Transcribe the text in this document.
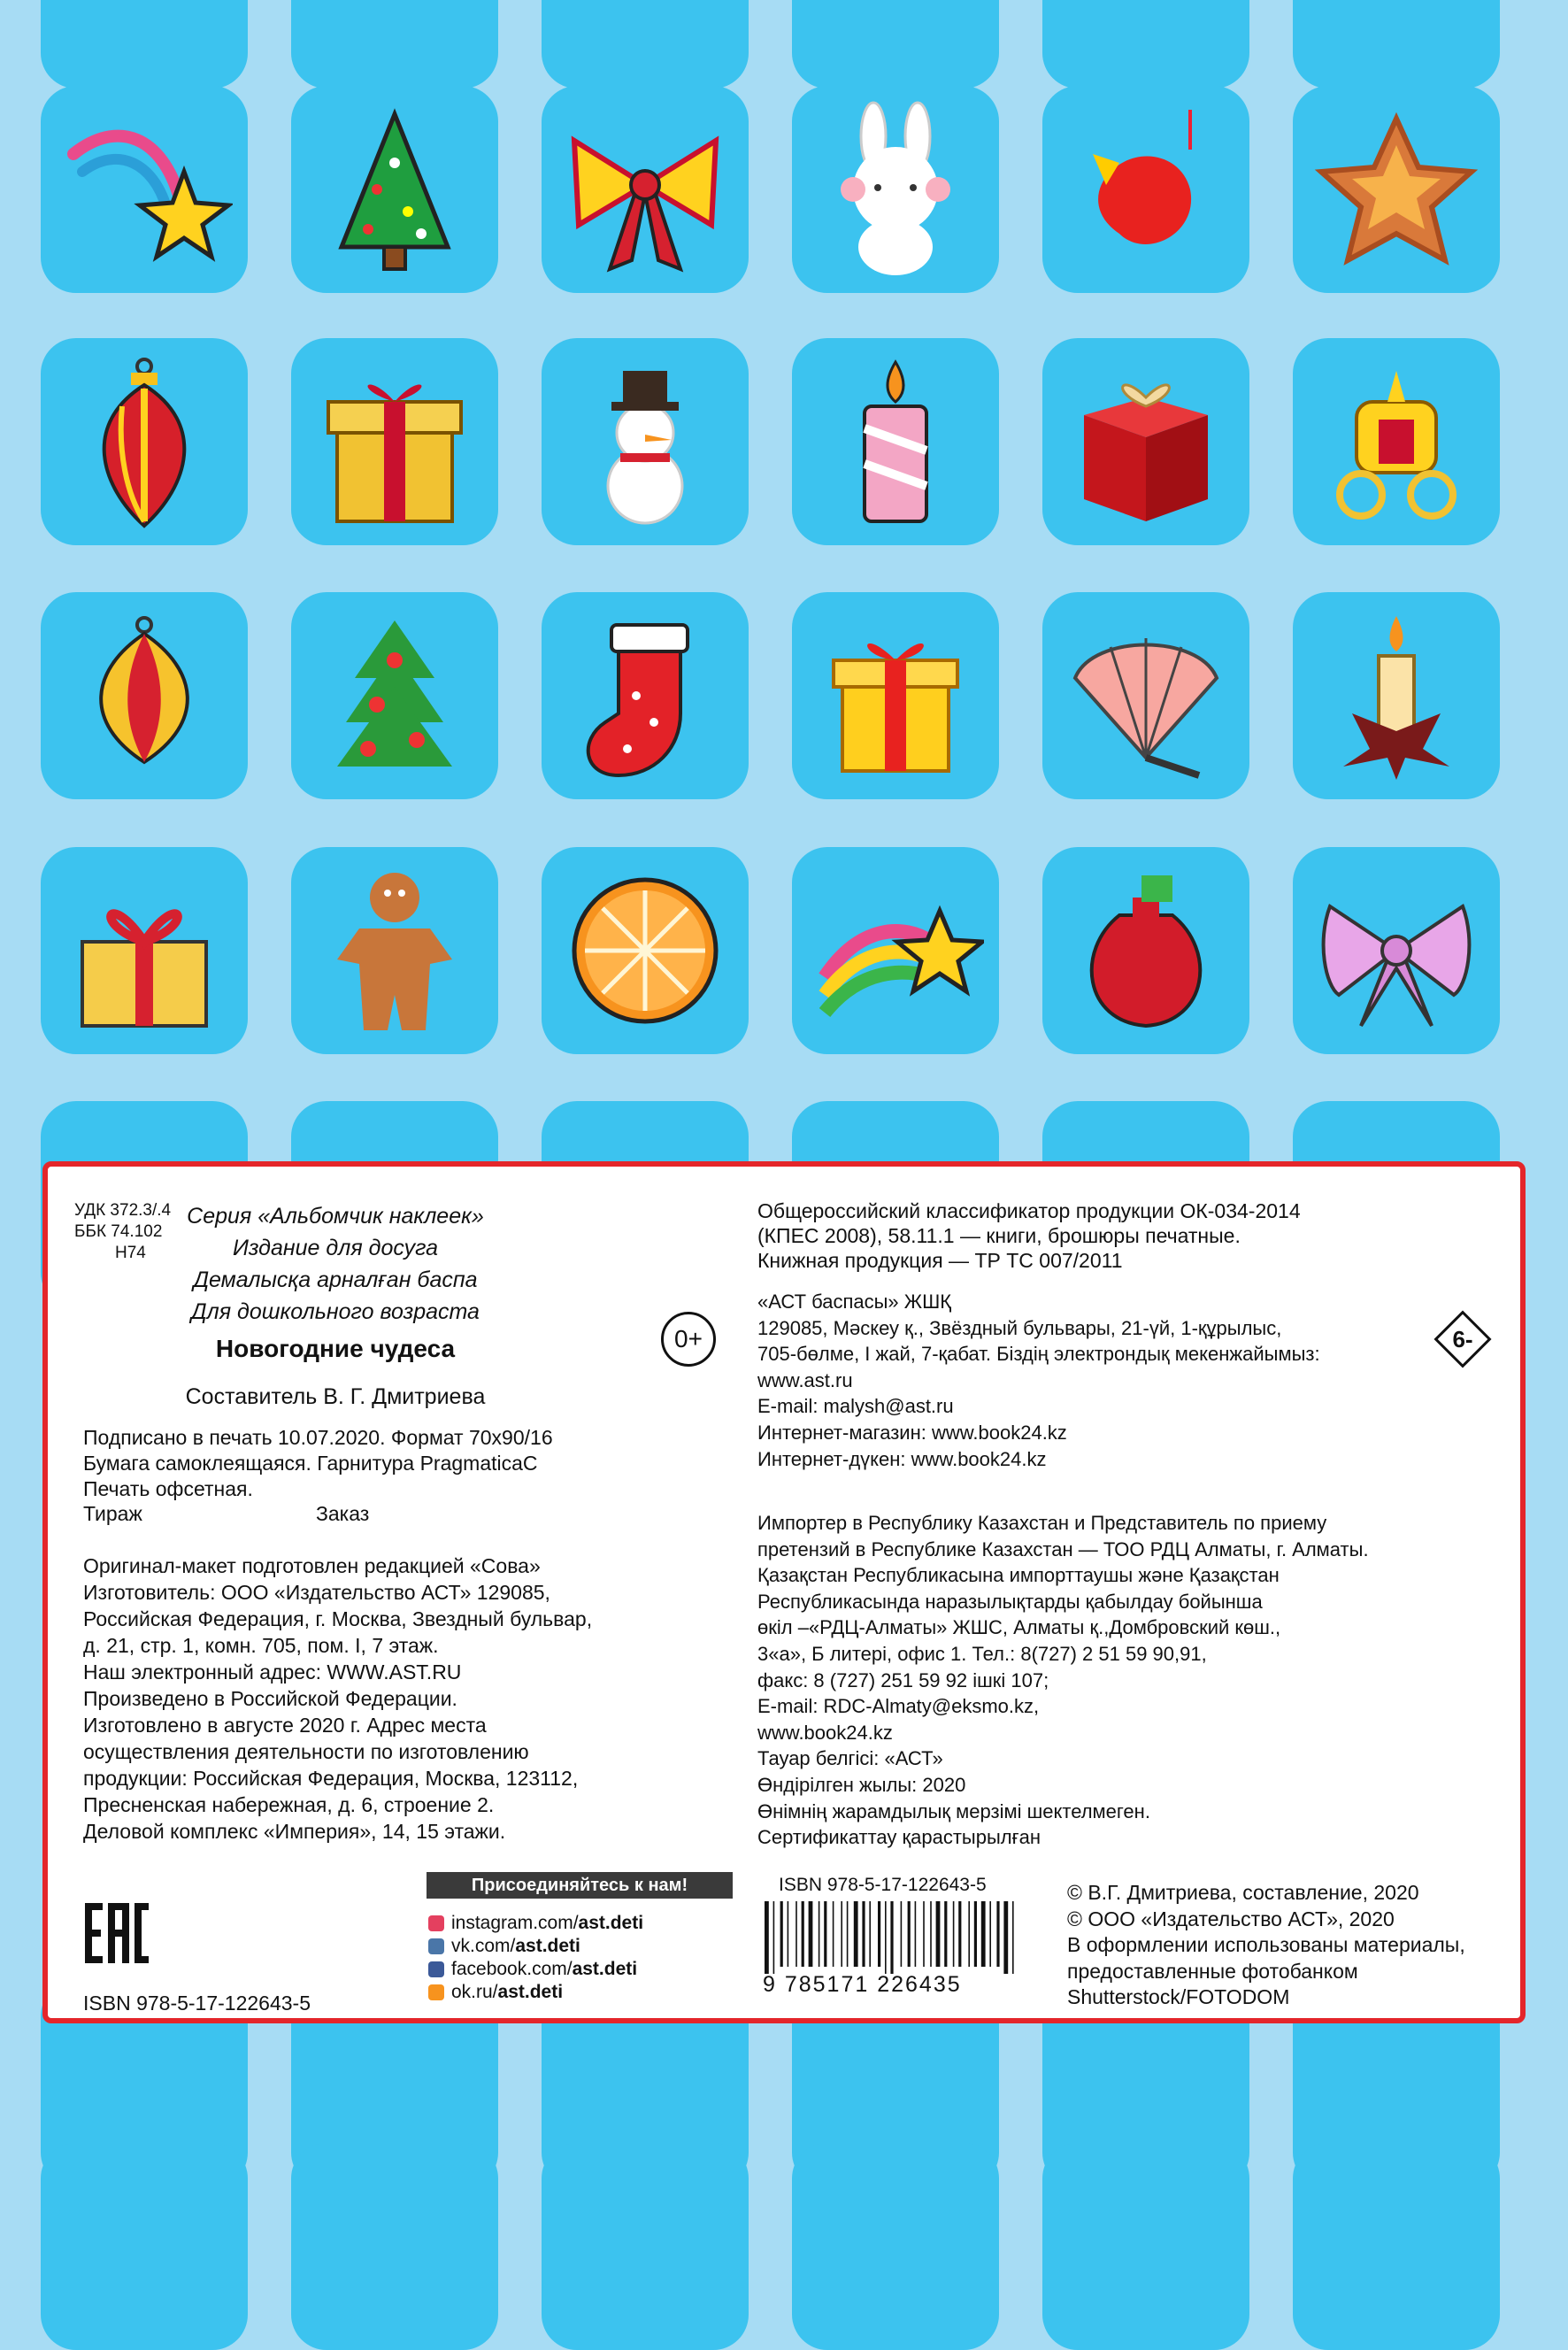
УДК 372.3/.4
ББК 74.102
Н74
Серия «Альбомчик наклеек»
Издание для досуга
Демалысқа арналған баспа
Для дошкольного возраста
Новогодние чудеса
Составитель В. Г. Дмитриева
0+
Подписано в печать 10.07.2020. Формат 70x90/16
Бумага самоклеящаяся. Гарнитура PragmaticaC
Печать офсетная.
Тираж	Заказ
Оригинал-макет подготовлен редакцией «Сова»
Изготовитель: ООО «Издательство АСТ» 129085,
Российская Федерация, г. Москва, Звездный бульвар,
д. 21, стр. 1, комн. 705, пом. I, 7 этаж.
Наш электронный адрес: WWW.AST.RU
Произведено в Российской Федерации.
Изготовлено в августе 2020 г. Адрес места
осуществления деятельности по изготовлению
продукции: Российская Федерация, Москва, 123112,
Пресненская набережная, д. 6, строение 2.
Деловой комплекс «Империя», 14, 15 этажи.
Общероссийский классификатор продукции ОК-034-2014
(КПЕС 2008), 58.11.1 — книги, брошюры печатные.
Книжная продукция — ТР ТС 007/2011
«АСТ баспасы» ЖШҚ
129085, Мәскеу қ., Звёздный бульвары, 21-үй, 1-құрылыс,
705-бөлме, I жай, 7-қабат. Біздің электрондық мекенжайымыз:
www.ast.ru
E-mail: malysh@ast.ru
Интернет-магазин: www.book24.kz
Интернет-дүкен: www.book24.kz
6-
Импортер в Республику Казахстан и Представитель по приему
претензий в Республике Казахстан — ТОО РДЦ Алматы, г. Алматы.
Қазақстан Республикасына импорттаушы және Қазақстан
Республикасында наразылықтарды қабылдау бойынша
өкіл –«РДЦ-Алматы» ЖШС, Алматы қ.,Домбровский көш.,
3«а», Б литері, офис 1. Тел.: 8(727) 2 51 59 90,91,
факс: 8 (727) 251 59 92 ішкі 107;
E-mail: RDC-Almaty@eksmo.kz,
www.book24.kz
Тауар белгісі: «АСТ»
Өндірілген жылы: 2020
Өнімнің жарамдылық мерзімі шектелмеген.
Сертификаттау қарастырылған
ISBN 978-5-17-122643-5
Присоединяйтесь к нам!
instagram.com/ ast.deti
vk.com/ ast.deti
facebook.com/ ast.deti
ok.ru/ ast.deti
ISBN 978-5-17-122643-5
9 785171 226435
© В.Г. Дмитриева, составление, 2020
© ООО «Издательство АСТ», 2020
В оформлении использованы материалы,
предоставленные фотобанком
Shutterstock/FOTODOM
